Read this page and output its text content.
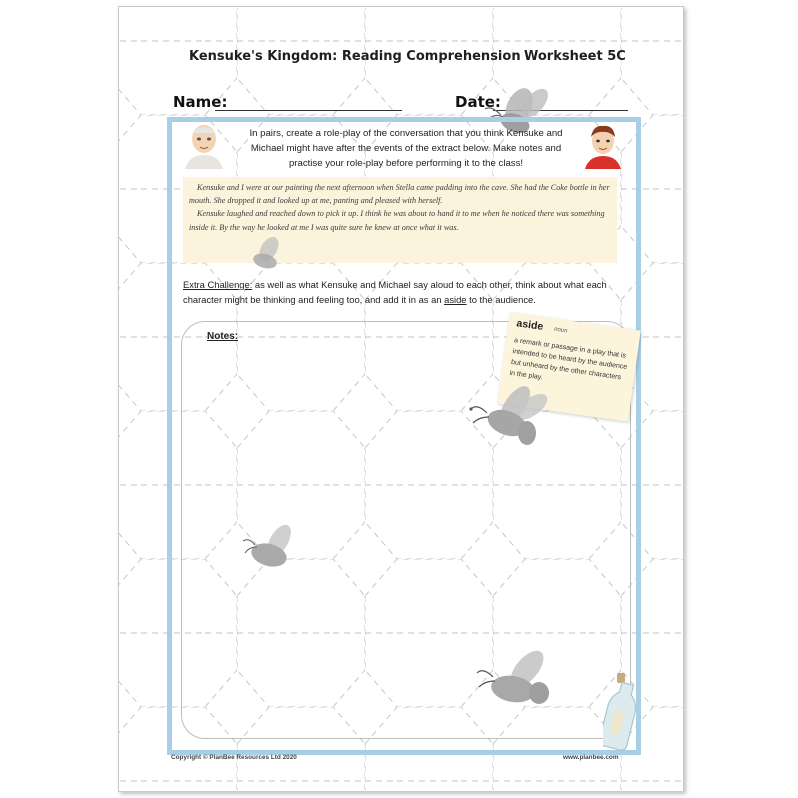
Kensuke's Kingdom: Reading Comprehension Worksheet 5C
Name:	Date:
In pairs, create a role-play of the conversation that you think Kensuke and Michael might have after the events of the extract below. Make notes and practise your role-play before performing it to the class!

Kensuke and I were at our painting the next afternoon when Stella came padding into the cave. She had the Coke bottle in her mouth. She dropped it and looked up at me, panting and pleased with herself.

Kensuke laughed and reached down to pick it up. I think he was about to hand it to me when he noticed there was something inside it. By the way he looked at me I was quite sure he knew at once what it was.

Extra Challenge: as well as what Kensuke and Michael say aloud to each other, think about what each character might be thinking and feeling too, and add it in as an aside to the audience.
Notes:
aside noun
a remark or passage in a play that is intended to be heard by the audience but unheard by the other characters in the play.
Copyright © PlanBee Resources Ltd 2020	www.planbee.com
